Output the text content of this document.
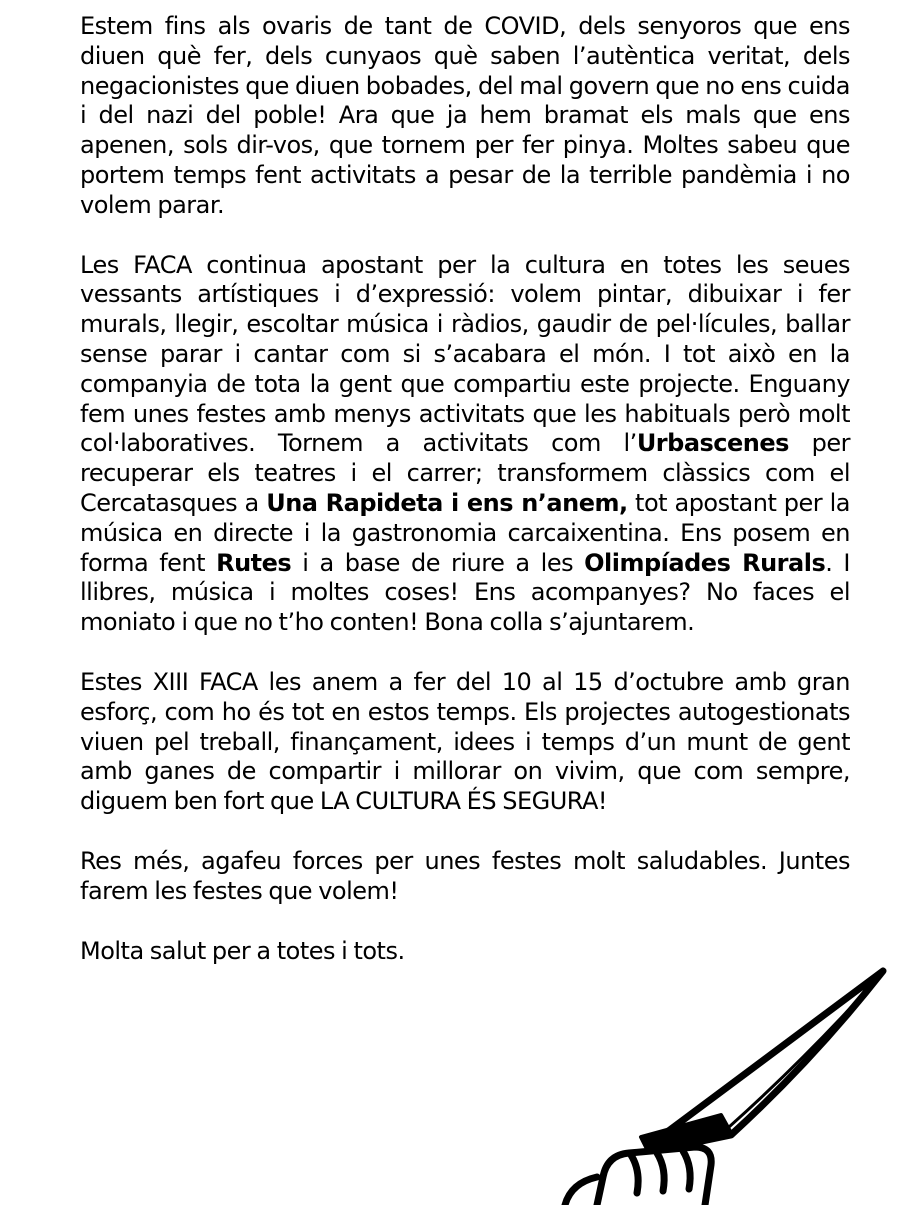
Estem fins als ovaris de tant de COVID, dels senyoros que ens diuen què fer, dels cunyaos què saben l’autèntica veritat, dels negacionistes que diuen bobades, del mal govern que no ens cuida i del nazi del poble! Ara que ja hem bramat els mals que ens apenen, sols dir-vos, que tornem per fer pinya. Moltes sabeu que portem temps fent activitats a pesar de la terrible pandèmia i no volem parar.

Les FACA continua apostant per la cultura en totes les seues vessants artístiques i d’expressió: volem pintar, dibuixar i fer murals, llegir, escoltar música i ràdios, gaudir de pel·lícules, ballar sense parar i cantar com si s’acabara el món. I tot això en la companyia de tota la gent que compartiu este projecte. Enguany fem unes festes amb menys activitats que les habituals però molt col·laboratives. Tornem a activitats com l’Urbascenes per recuperar els teatres i el carrer; transformem clàssics com el Cercatasques a Una Rapideta i ens n’anem, tot apostant per la música en directe i la gastronomia carcaixentina. Ens posem en forma fent Rutes i a base de riure a les Olimpíades Rurals. I llibres, música i moltes coses! Ens acompanyes? No faces el moniato i que no t’ho conten! Bona colla s’ajuntarem.

Estes XIII FACA les anem a fer del 10 al 15 d’octubre amb gran esforç, com ho és tot en estos temps. Els projectes autogestionats viuen pel treball, finançament, idees i temps d’un munt de gent amb ganes de compartir i millorar on vivim, que com sempre, diguem ben fort que LA CULTURA ÉS SEGURA!

Res més, agafeu forces per unes festes molt saludables. Juntes farem les festes que volem!

Molta salut per a totes i tots.
